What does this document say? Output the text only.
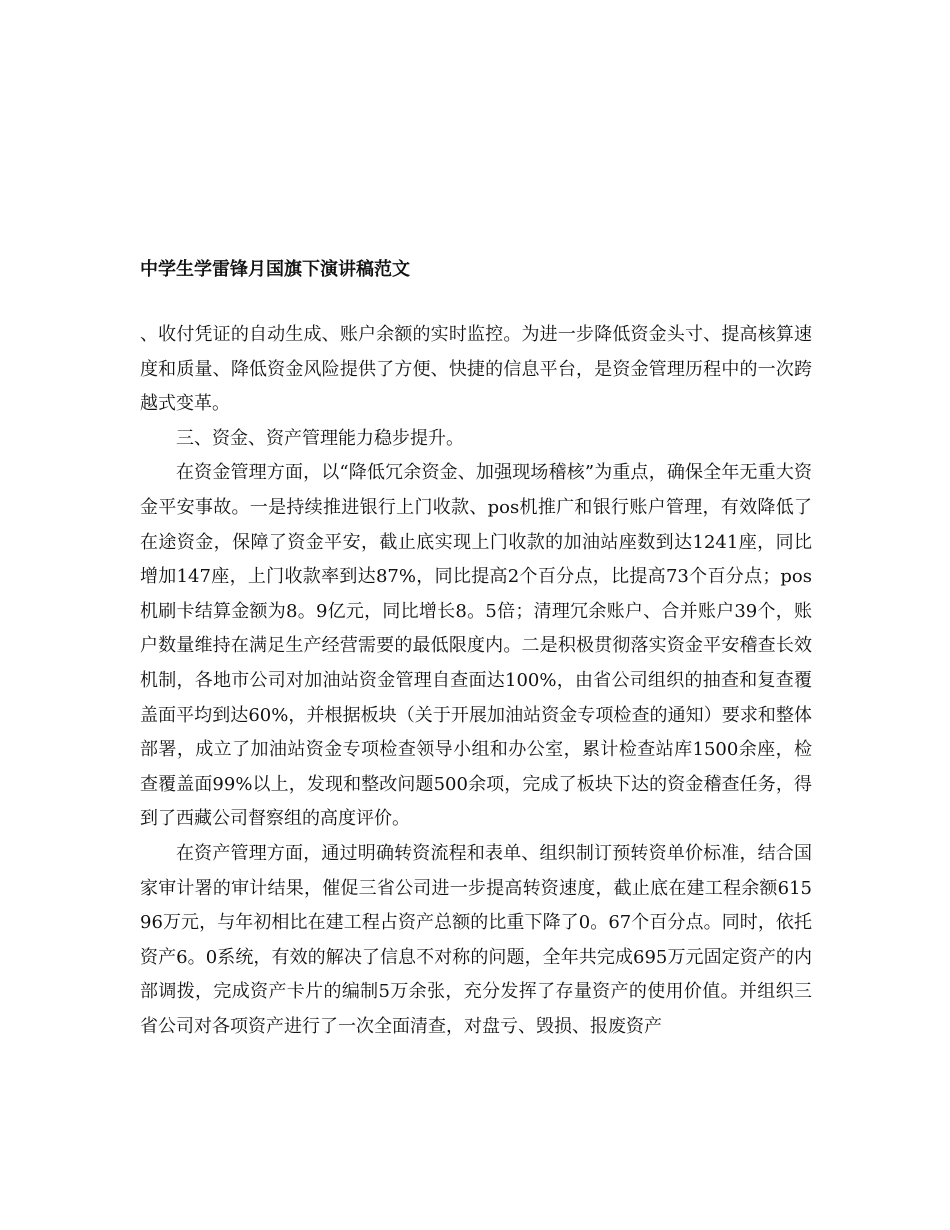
中学生学雷锋月国旗下演讲稿范文

、收付凭证的自动生成、账户余额的实时监控。为进一步降低资金头寸、提高核算速度和质量、降低资金风险提供了方便、快捷的信息平台，是资金管理历程中的一次跨越式变革。

三、资金、资产管理能力稳步提升。

在资金管理方面，以“降低冗余资金、加强现场稽核”为重点，确保全年无重大资金平安事故。一是持续推进银行上门收款、pos机推广和银行账户管理，有效降低了在途资金，保障了资金平安，截止底实现上门收款的加油站座数到达1241座，同比增加147座，上门收款率到达87%，同比提高2个百分点，比提高73个百分点；pos机刷卡结算金额为8。9亿元，同比增长8。5倍；清理冗余账户、合并账户39个，账户数量维持在满足生产经营需要的最低限度内。二是积极贯彻落实资金平安稽查长效机制，各地市公司对加油站资金管理自查面达100%，由省公司组织的抽查和复查覆盖面平均到达60%，并根据板块（关于开展加油站资金专项检查的通知）要求和整体部署，成立了加油站资金专项检查领导小组和办公室，累计检查站库1500余座，检查覆盖面99%以上，发现和整改问题500余项，完成了板块下达的资金稽查任务，得到了西藏公司督察组的高度评价。

在资产管理方面，通过明确转资流程和表单、组织制订预转资单价标准，结合国家审计署的审计结果，催促三省公司进一步提高转资速度，截止底在建工程余额61596万元，与年初相比在建工程占资产总额的比重下降了0。67个百分点。同时，依托资产6。0系统，有效的解决了信息不对称的问题，全年共完成695万元固定资产的内部调拨，完成资产卡片的编制5万余张，充分发挥了存量资产的使用价值。并组织三省公司对各项资产进行了一次全面清查，对盘亏、毁损、报废资产
